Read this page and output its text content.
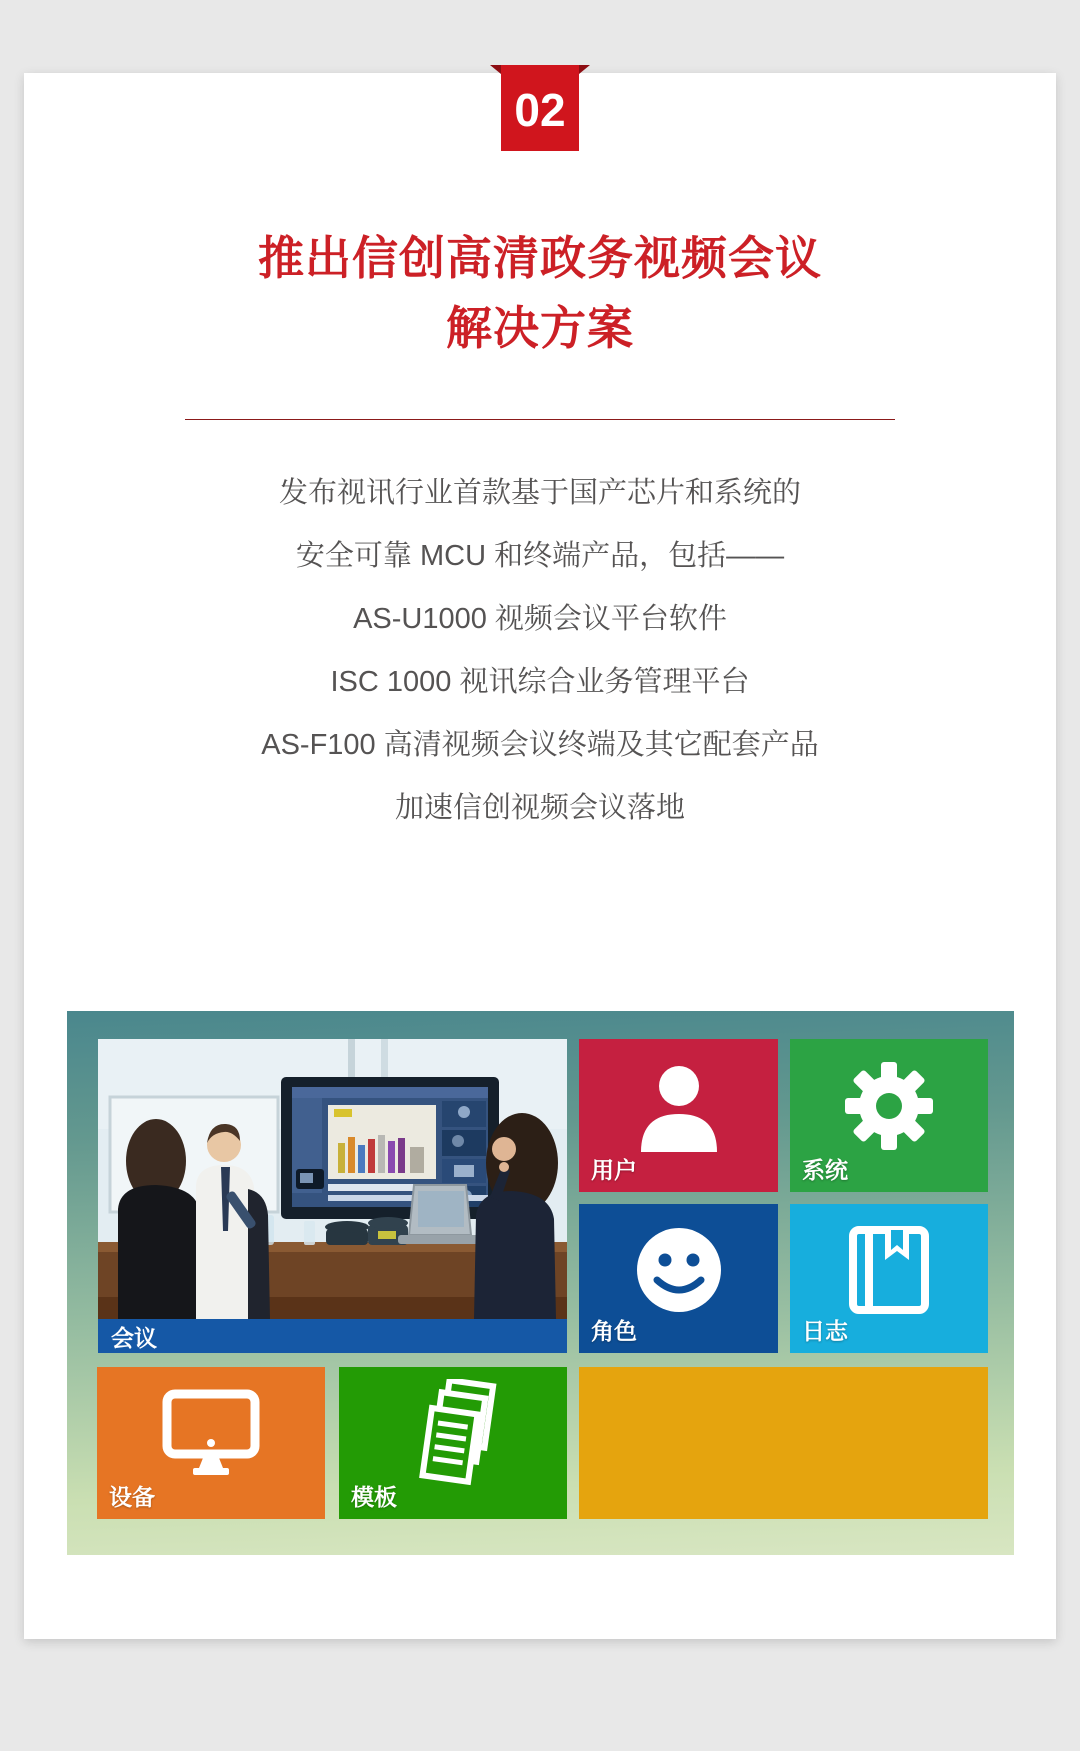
02
推出信创高清政务视频会议
解决方案

发布视讯行业首款基于国产芯片和系统的

安全可靠 MCU 和终端产品，包括——

AS-U1000 视频会议平台软件

ISC 1000 视讯综合业务管理平台

AS-F100 高清视频会议终端及其它配套产品

加速信创视频会议落地

会议
用户	系统
角色	日志
设备	模板
